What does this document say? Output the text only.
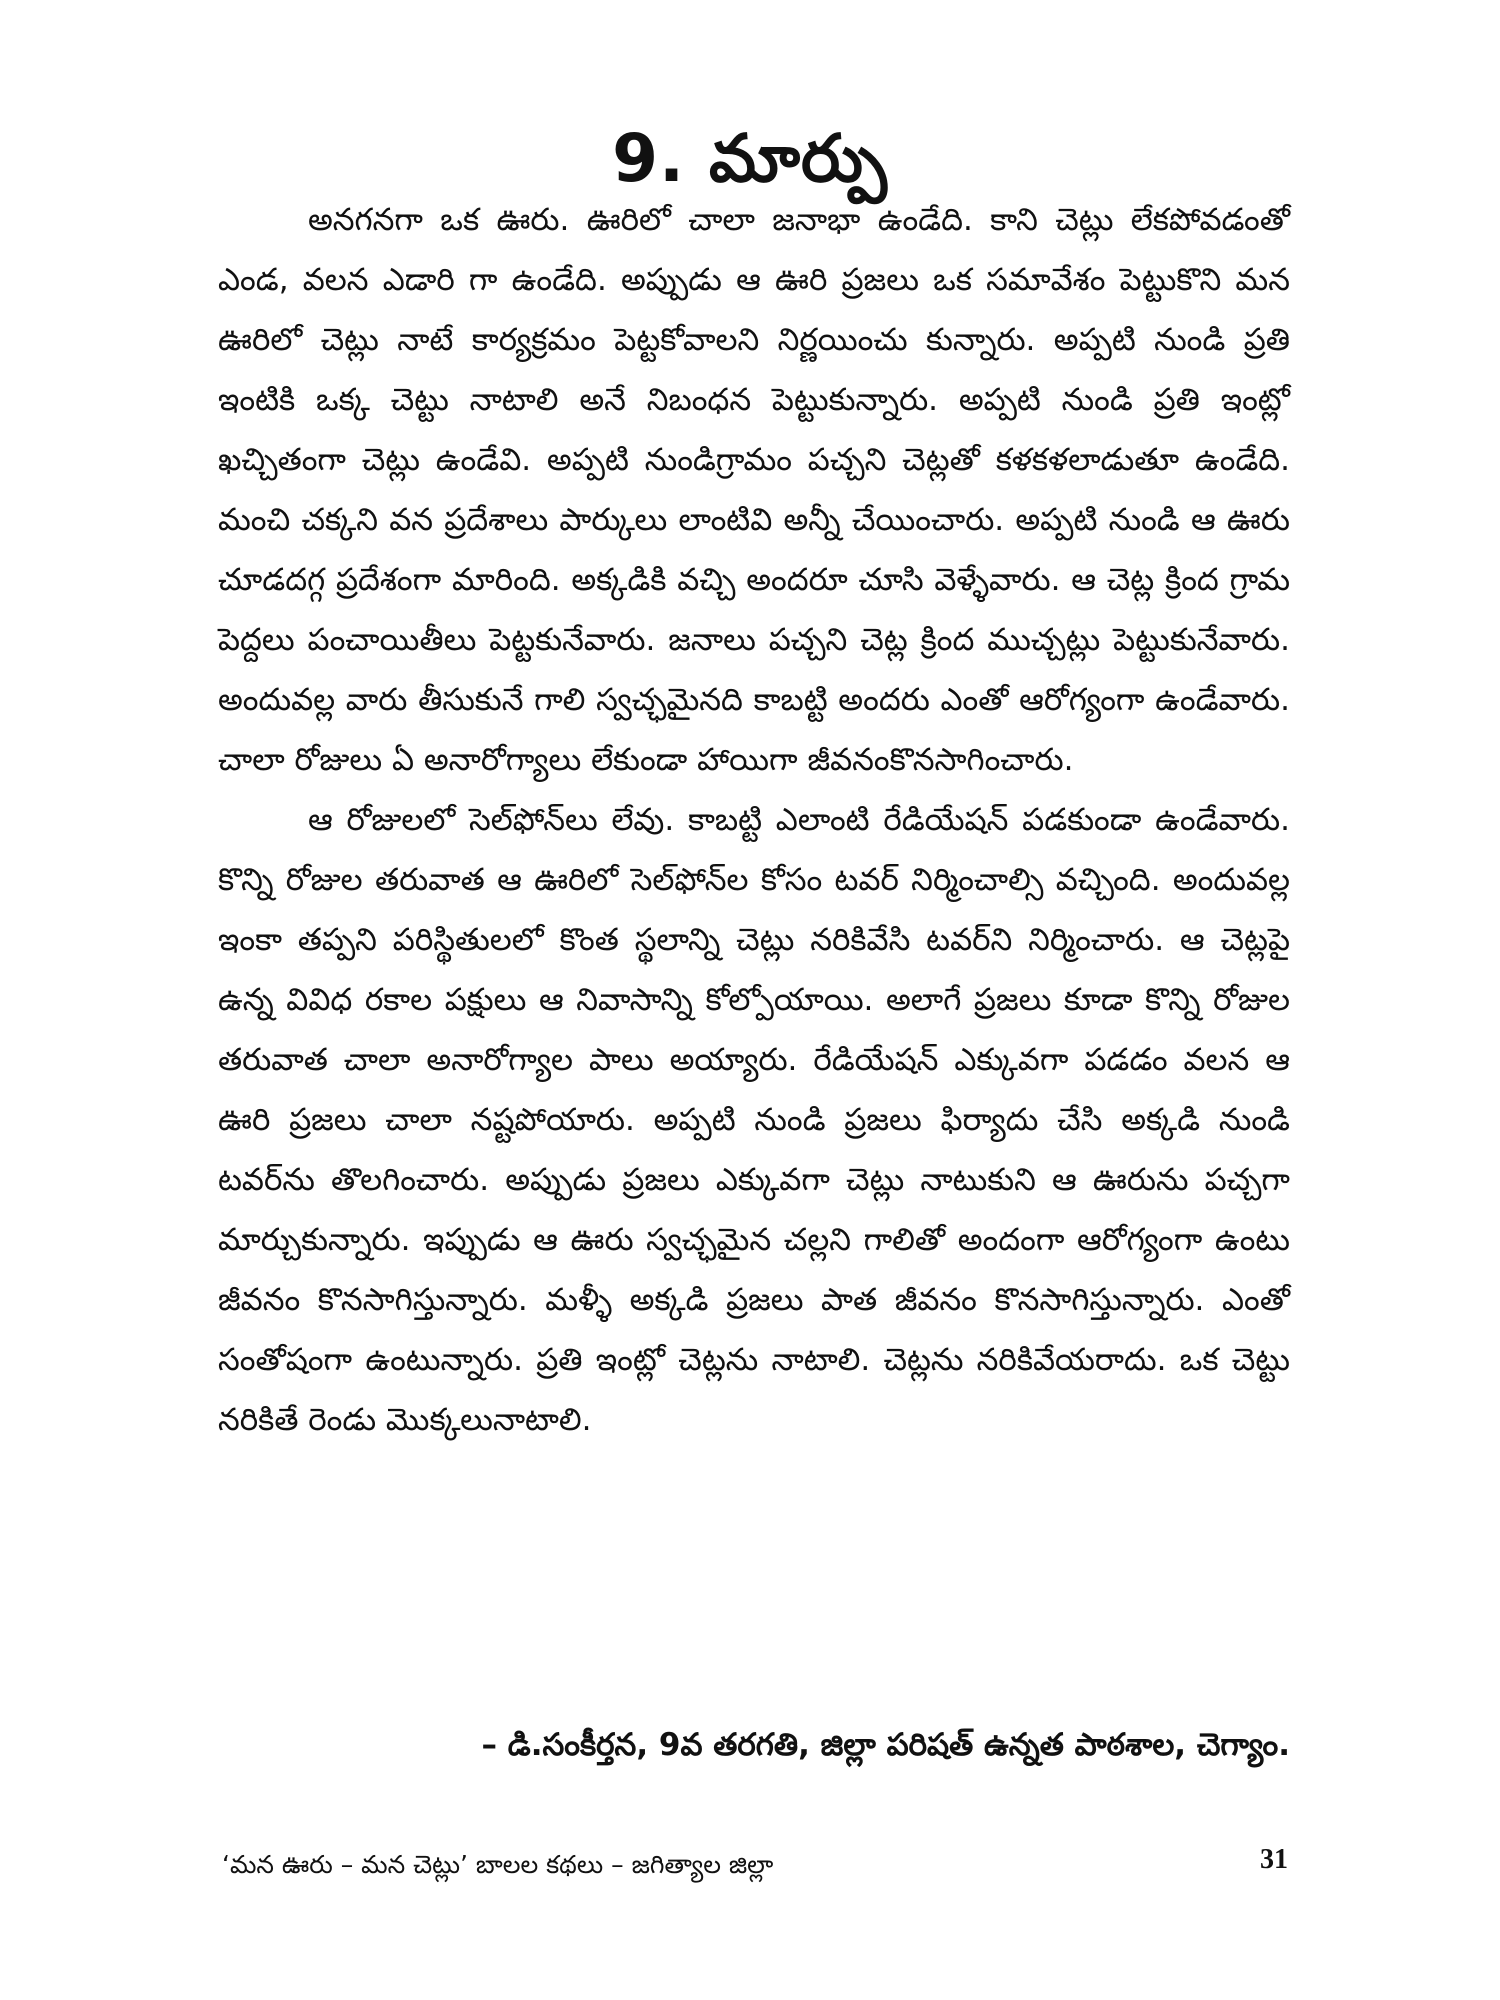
9. మార్పు

అనగనగా ఒక ఊరు. ఊరిలో చాలా జనాభా ఉండేది. కాని చెట్లు లేకపోవడంతో ఎండ, వలన ఎడారి గా ఉండేది. అప్పుడు ఆ ఊరి ప్రజలు ఒక సమావేశం పెట్టుకొని మన ఊరిలో చెట్లు నాటే కార్యక్రమం పెట్టకోవాలని నిర్ణయించు కున్నారు. అప్పటి నుండి ప్రతి ఇంటికి ఒక్క చెట్టు నాటాలి అనే నిబంధన పెట్టుకున్నారు. అప్పటి నుండి ప్రతి ఇంట్లో ఖచ్చితంగా చెట్లు ఉండేవి. అప్పటి నుండిగ్రామం పచ్చని చెట్లతో కళకళలాడుతూ ఉండేది. మంచి చక్కని వన ప్రదేశాలు పార్కులు లాంటివి అన్నీ చేయించారు. అప్పటి నుండి ఆ ఊరు చూడదగ్గ ప్రదేశంగా మారింది. అక్కడికి వచ్చి అందరూ చూసి వెళ్ళేవారు. ఆ చెట్ల క్రింద గ్రామ పెద్దలు పంచాయితీలు పెట్టకునేవారు. జనాలు పచ్చని చెట్ల క్రింద ముచ్చట్లు పెట్టుకునేవారు. అందువల్ల వారు తీసుకునే గాలి స్వచ్ఛమైనది కాబట్టి అందరు ఎంతో ఆరోగ్యంగా ఉండేవారు. చాలా రోజులు ఏ అనారోగ్యాలు లేకుండా హాయిగా జీవనంకొనసాగించారు.

ఆ రోజులలో సెల్‌ఫోన్‌లు లేవు. కాబట్టి ఎలాంటి రేడియేషన్ పడకుండా ఉండేవారు. కొన్ని రోజుల తరువాత ఆ ఊరిలో సెల్‌ఫోన్‌ల కోసం టవర్ నిర్మించాల్సి వచ్చింది. అందువల్ల ఇంకా తప్పని పరిస్థితులలో కొంత స్థలాన్ని చెట్లు నరికివేసి టవర్‌ని నిర్మించారు. ఆ చెట్లపై ఉన్న వివిధ రకాల పక్షులు ఆ నివాసాన్ని కోల్పోయాయి. అలాగే ప్రజలు కూడా కొన్ని రోజుల తరువాత చాలా అనారోగ్యాల పాలు అయ్యారు. రేడియేషన్ ఎక్కువగా పడడం వలన ఆ ఊరి ప్రజలు చాలా నష్టపోయారు. అప్పటి నుండి ప్రజలు ఫిర్యాదు చేసి అక్కడి నుండి టవర్‌ను తొలగించారు. అప్పుడు ప్రజలు ఎక్కువగా చెట్లు నాటుకుని ఆ ఊరును పచ్చగా మార్చుకున్నారు. ఇప్పుడు ఆ ఊరు స్వచ్ఛమైన చల్లని గాలితో అందంగా ఆరోగ్యంగా ఉంటు జీవనం కొనసాగిస్తున్నారు. మళ్ళీ అక్కడి ప్రజలు పాత జీవనం కొనసాగిస్తున్నారు. ఎంతో సంతోషంగా ఉంటున్నారు. ప్రతి ఇంట్లో చెట్లను నాటాలి. చెట్లను నరికివేయరాదు. ఒక చెట్టు నరికితే రెండు మొక్కలునాటాలి.

– డి.సంకీర్తన, 9వ తరగతి, జిల్లా పరిషత్ ఉన్నత పాఠశాల, చెగ్యాం.
‘మన ఊరు – మన చెట్లు’ బాలల కథలు – జగిత్యాల జిల్లా	31
